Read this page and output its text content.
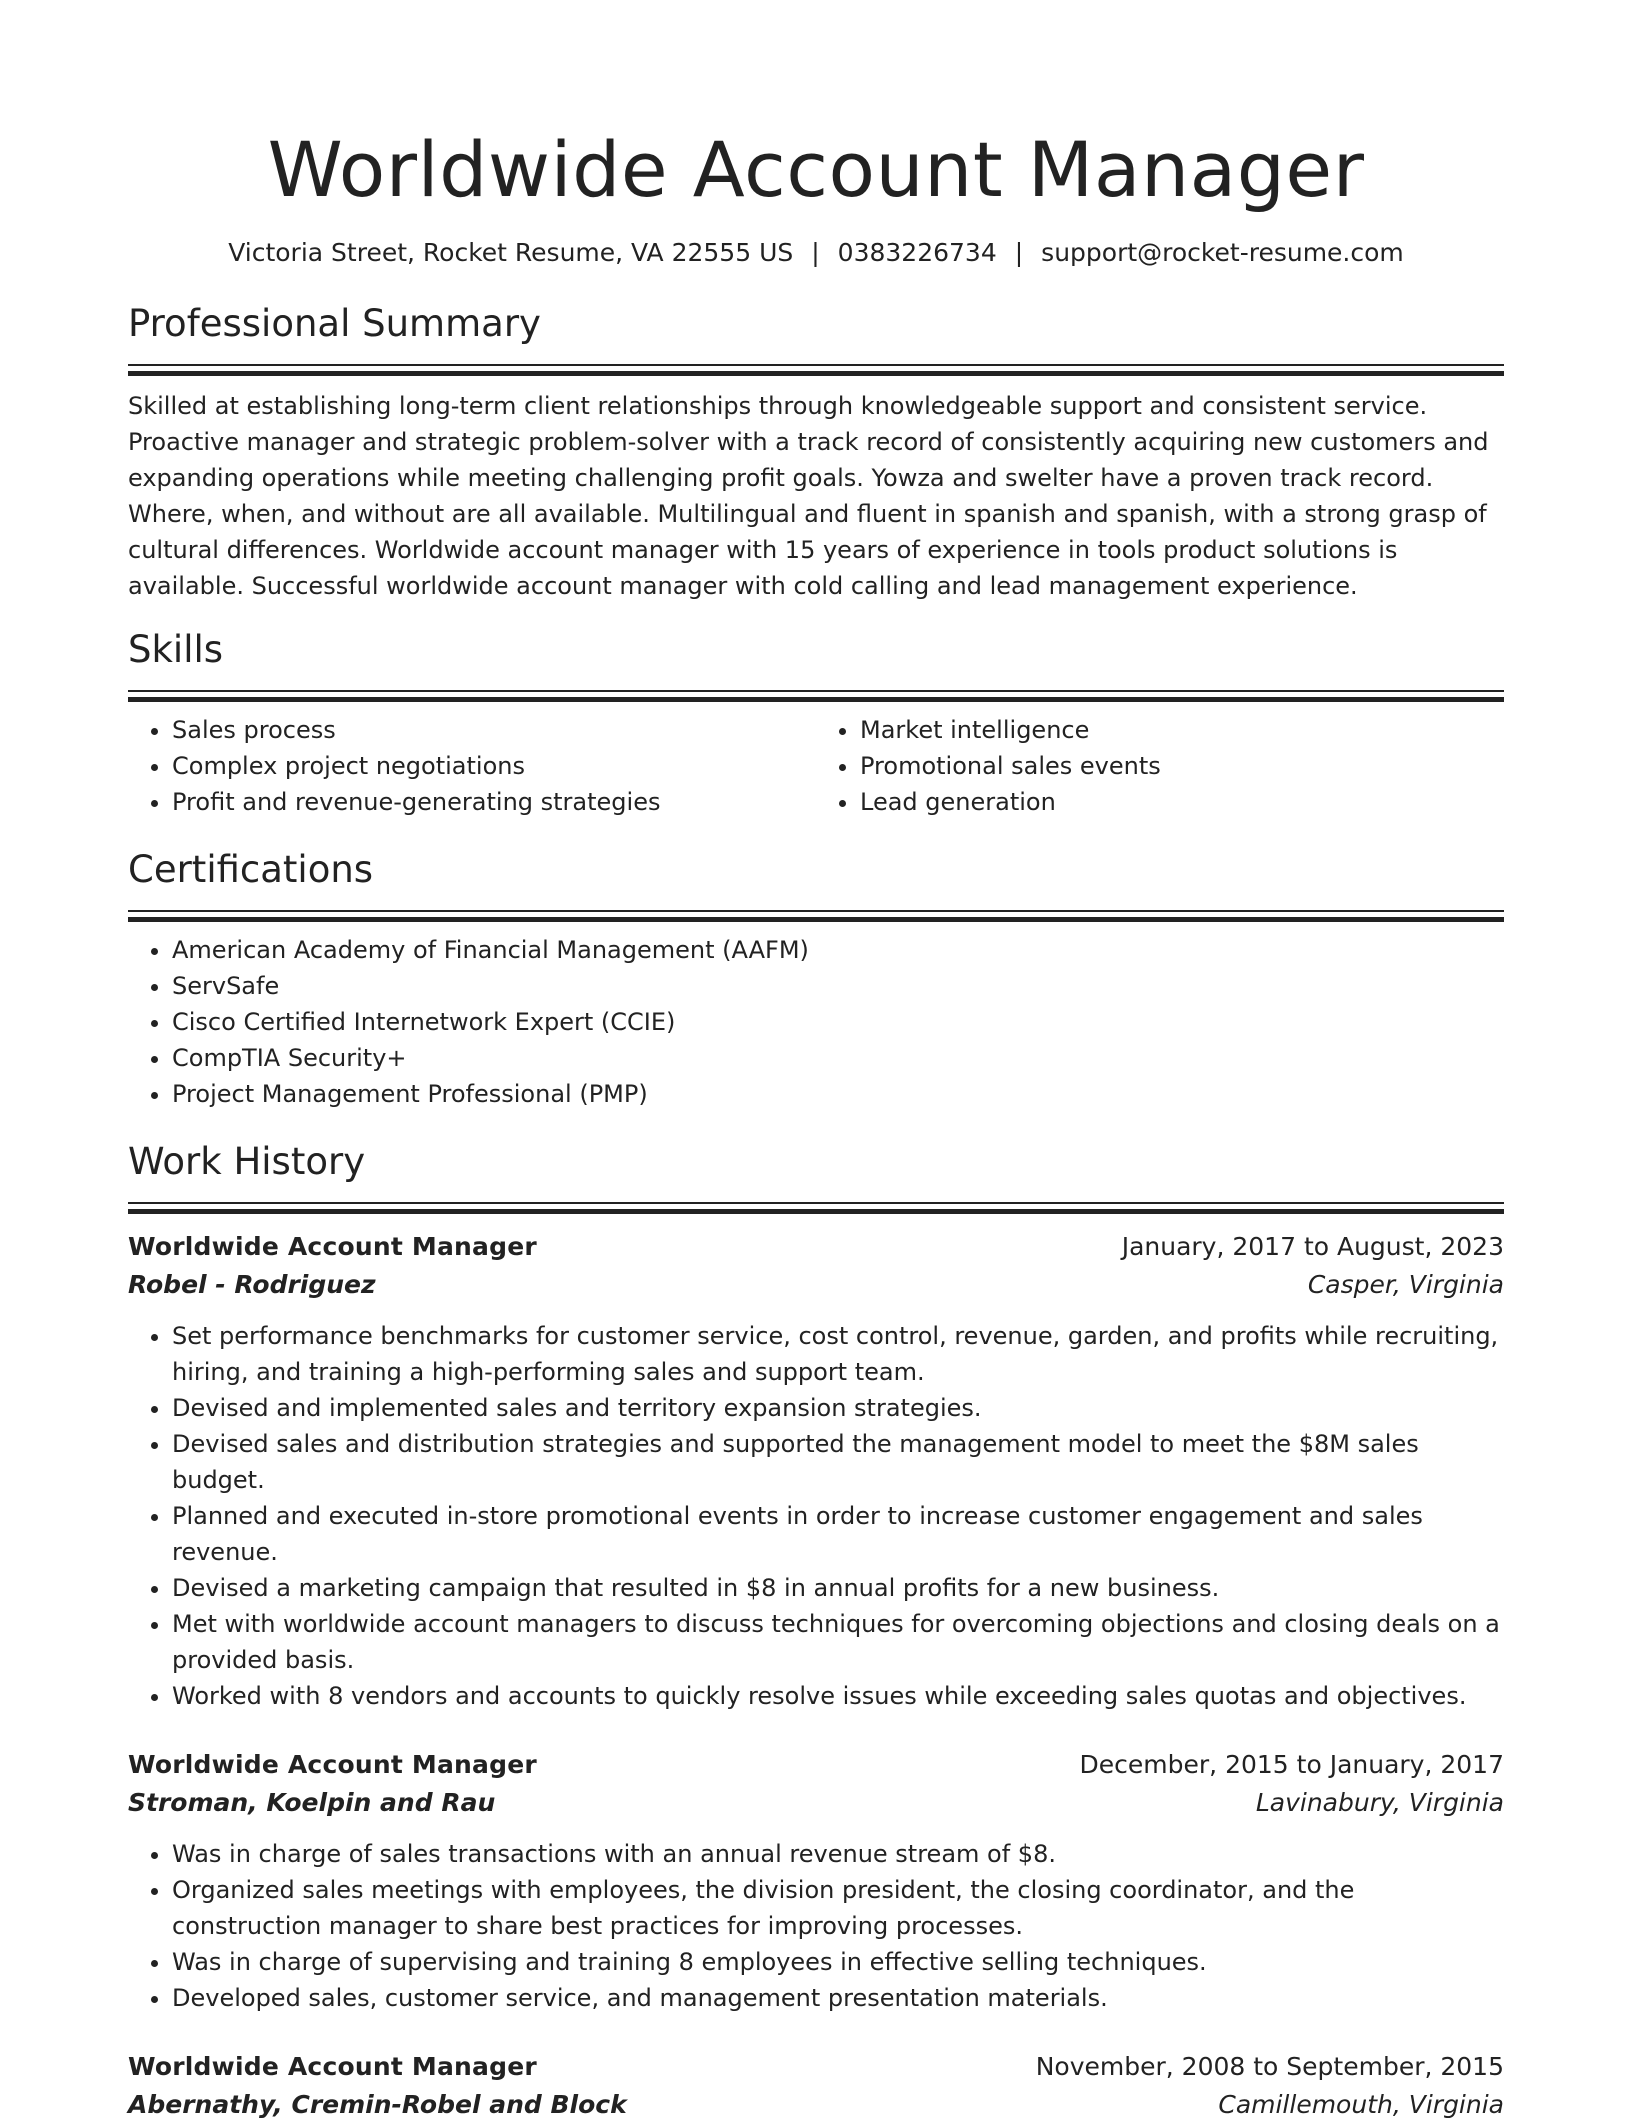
Worldwide Account Manager
Victoria Street, Rocket Resume, VA 22555 US | 0383226734 | support@rocket-resume.com
Professional Summary

Skilled at establishing long-term client relationships through knowledgeable support and consistent service. Proactive manager and strategic problem-solver with a track record of consistently acquiring new customers and expanding operations while meeting challenging profit goals. Yowza and swelter have a proven track record. Where, when, and without are all available. Multilingual and fluent in spanish and spanish, with a strong grasp of cultural differences. Worldwide account manager with 15 years of experience in tools product solutions is available. Successful worldwide account manager with cold calling and lead management experience.

Skills
• Sales process
• Complex project negotiations
• Profit and revenue-generating strategies
• Market intelligence
• Promotional sales events
• Lead generation
Certifications
• American Academy of Financial Management (AAFM)
• ServSafe
• Cisco Certified Internetwork Expert (CCIE)
• CompTIA Security+
• Project Management Professional (PMP)
Work History
Worldwide Account Manager	January, 2017 to August, 2023
Robel - Rodriguez	Casper, Virginia
• Set performance benchmarks for customer service, cost control, revenue, garden, and profits while recruiting, hiring, and training a high-performing sales and support team.
• Devised and implemented sales and territory expansion strategies.
• Devised sales and distribution strategies and supported the management model to meet the $8M sales budget.
• Planned and executed in-store promotional events in order to increase customer engagement and sales revenue.
• Devised a marketing campaign that resulted in $8 in annual profits for a new business.
• Met with worldwide account managers to discuss techniques for overcoming objections and closing deals on a provided basis.
• Worked with 8 vendors and accounts to quickly resolve issues while exceeding sales quotas and objectives.
Worldwide Account Manager	December, 2015 to January, 2017
Stroman, Koelpin and Rau	Lavinabury, Virginia
• Was in charge of sales transactions with an annual revenue stream of $8.
• Organized sales meetings with employees, the division president, the closing coordinator, and the construction manager to share best practices for improving processes.
• Was in charge of supervising and training 8 employees in effective selling techniques.
• Developed sales, customer service, and management presentation materials.
Worldwide Account Manager	November, 2008 to September, 2015
Abernathy, Cremin-Robel and Block	Camillemouth, Virginia
